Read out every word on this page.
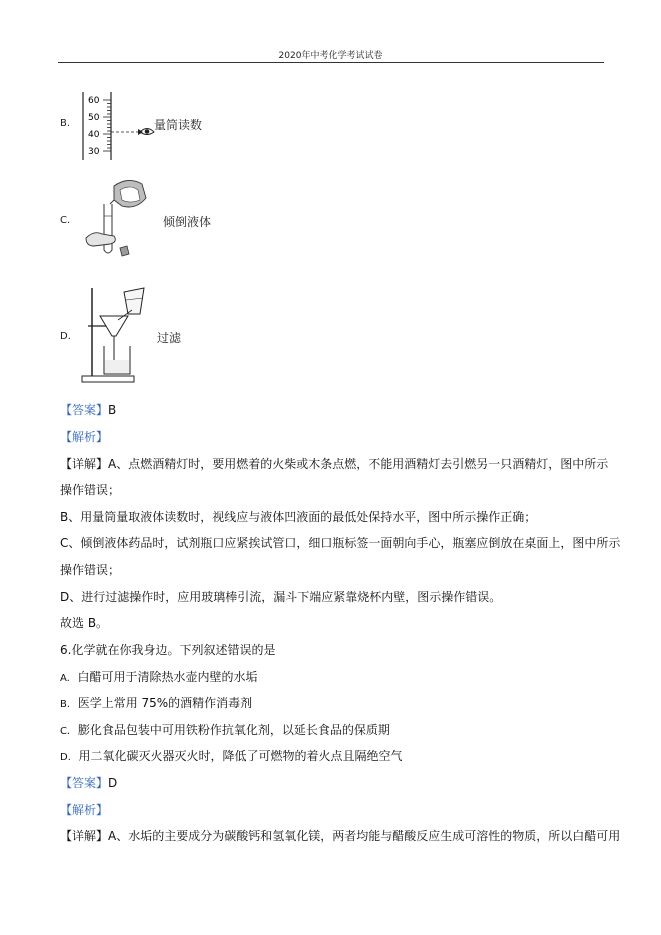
2020年中考化学考试试卷
B.
60
50
40
30
量筒读数
C.	倾倒液体
D.	过滤
【答案】B
【解析】
【详解】A、点燃酒精灯时，要用燃着的火柴或木条点燃，不能用酒精灯去引燃另一只酒精灯，图中所示
操作错误；
B、用量筒量取液体读数时，视线应与液体凹液面的最低处保持水平，图中所示操作正确；
C、倾倒液体药品时，试剂瓶口应紧挨试管口，细口瓶标签一面朝向手心，瓶塞应倒放在桌面上，图中所示
操作错误；
D、进行过滤操作时，应用玻璃棒引流，漏斗下端应紧靠烧杯内壁，图示操作错误。
故选 B。
6.化学就在你我身边。下列叙述错误的是
A. 白醋可用于清除热水壶内壁的水垢
B. 医学上常用 75%的酒精作消毒剂
C. 膨化食品包装中可用铁粉作抗氧化剂，以延长食品的保质期
D. 用二氧化碳灭火器灭火时，降低了可燃物的着火点且隔绝空气
【答案】D
【解析】
【详解】A、水垢的主要成分为碳酸钙和氢氧化镁，两者均能与醋酸反应生成可溶性的物质，所以白醋可用
